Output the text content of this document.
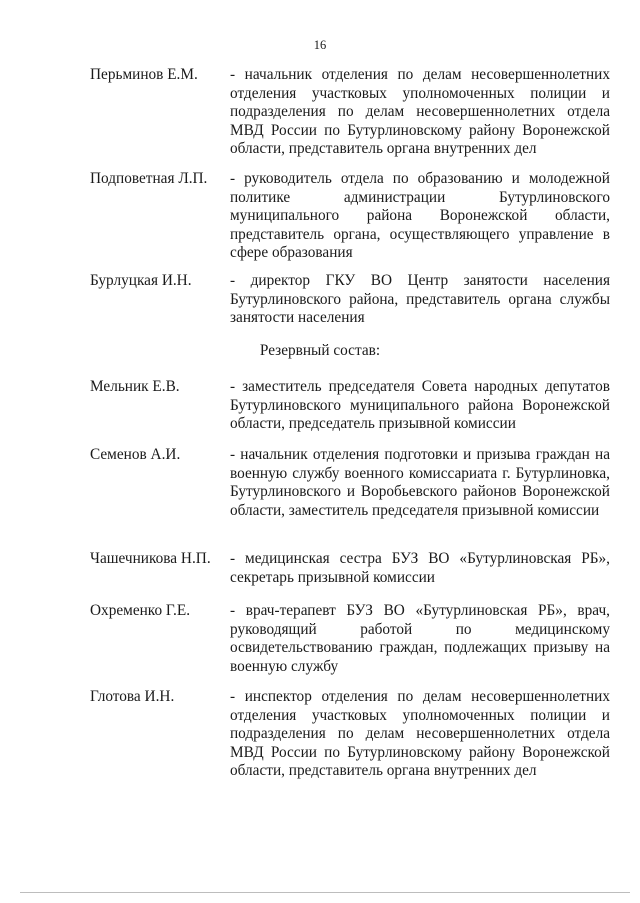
16
Перьминов Е.М.	- начальник отделения по делам несовершеннолетних отделения участковых уполномоченных полиции и подразделения по делам несовершеннолетних отдела МВД России по Бутурлиновскому району Воронежской области, представитель органа внутренних дел
Подповетная Л.П.	- руководитель отдела по образованию и молодежной политике администрации Бутурлиновского муниципального района Воронежской области, представитель органа, осуществляющего управление в сфере образования
Бурлуцкая И.Н.	- директор ГКУ ВО Центр занятости населения Бутурлиновского района, представитель органа службы занятости населения
Резервный состав:
Мельник Е.В.	- заместитель председателя Совета народных депутатов Бутурлиновского муниципального района Воронежской области, председатель призывной комиссии
Семенов А.И.	- начальник отделения подготовки и призыва граждан на военную службу военного комиссариата г. Бутурлиновка, Бутурлиновского и Воробьевского районов Воронежской области, заместитель председателя призывной комиссии
Чашечникова Н.П.	- медицинская сестра БУЗ ВО «Бутурлиновская РБ», секретарь призывной комиссии
Охременко Г.Е.	- врач-терапевт БУЗ ВО «Бутурлиновская РБ», врач, руководящий работой по медицинскому освидетельствованию граждан, подлежащих призыву на военную службу
Глотова И.Н.	- инспектор отделения по делам несовершеннолетних отделения участковых уполномоченных полиции и подразделения по делам несовершеннолетних отдела МВД России по Бутурлиновскому району Воронежской области, представитель органа внутренних дел
